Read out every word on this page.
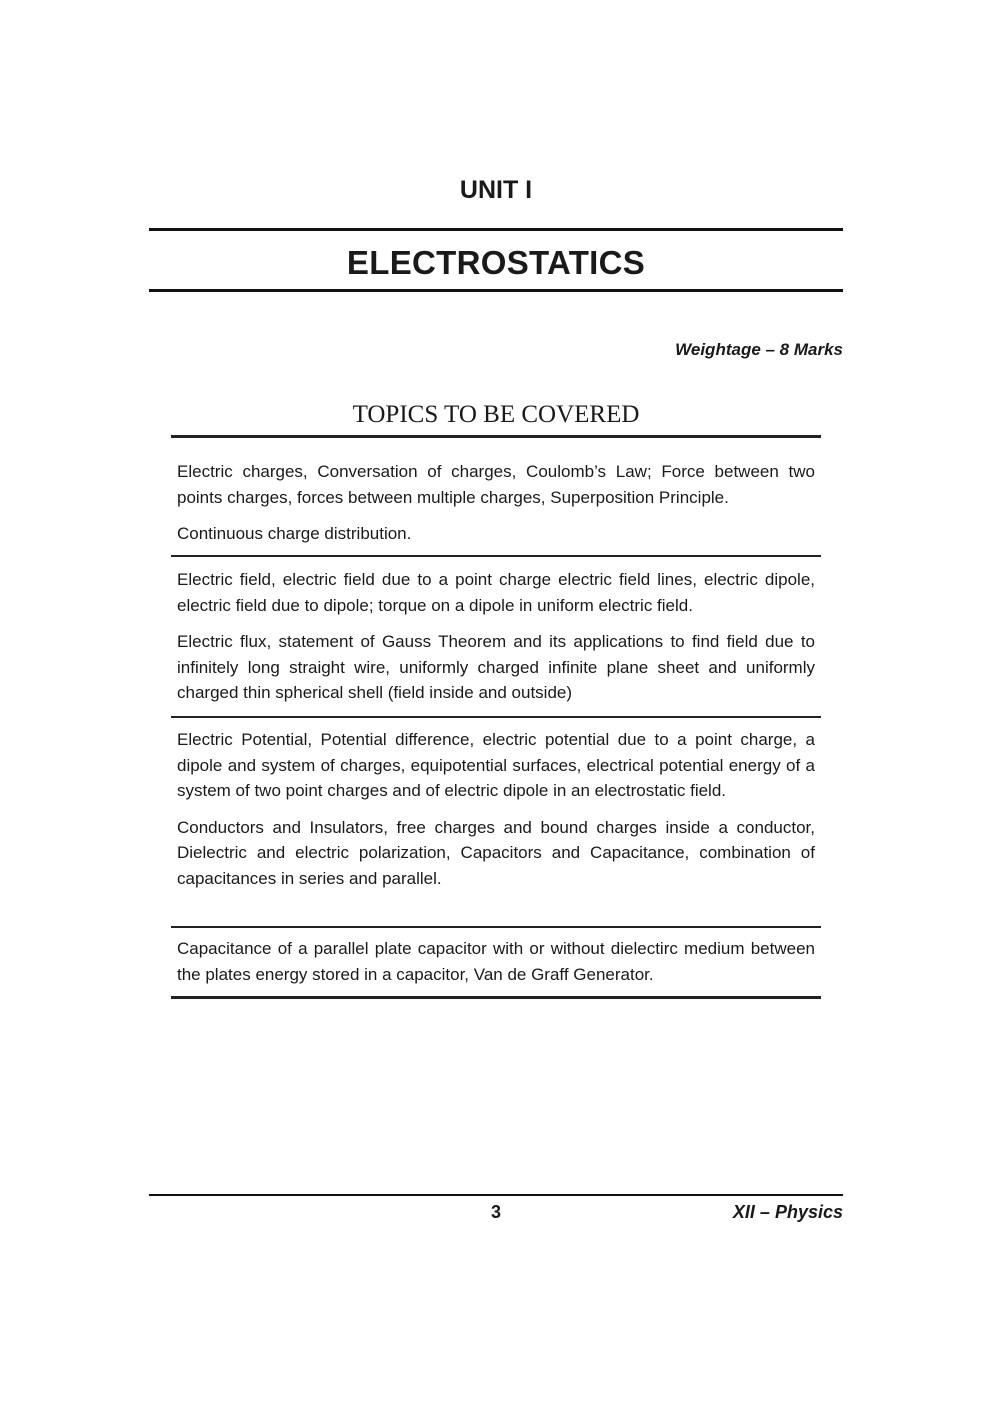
UNIT I
ELECTROSTATICS
Weightage – 8 Marks
TOPICS TO BE COVERED

Electric charges, Conversation of charges, Coulomb’s Law; Force between two points charges, forces between multiple charges, Superposition Principle.

Continuous charge distribution.

Electric field, electric field due to a point charge electric field lines, electric dipole, electric field due to dipole; torque on a dipole in uniform electric field.

Electric flux, statement of Gauss Theorem and its applications to find field due to infinitely long straight wire, uniformly charged infinite plane sheet and uniformly charged thin spherical shell (field inside and outside)

Electric Potential, Potential difference, electric potential due to a point charge, a dipole and system of charges, equipotential surfaces, electrical potential energy of a system of two point charges and of electric dipole in an electrostatic field.

Conductors and Insulators, free charges and bound charges inside a conductor, Dielectric and electric polarization, Capacitors and Capacitance, combination of capacitances in series and parallel.

Capacitance of a parallel plate capacitor with or without dielectirc medium between the plates energy stored in a capacitor, Van de Graff Generator.

3	XII – Physics
